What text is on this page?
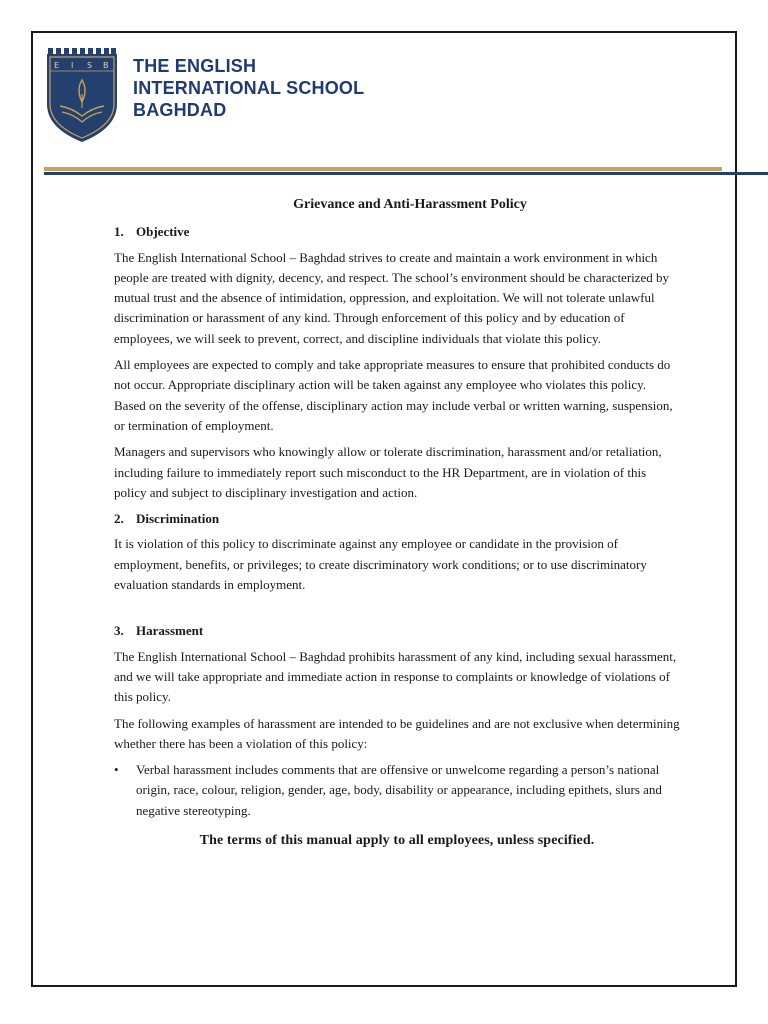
E I S B THE ENGLISH
INTERNATIONAL SCHOOL
BAGHDAD
Grievance and Anti-Harassment Policy
1. Objective

The English International School – Baghdad strives to create and maintain a work environment in which people are treated with dignity, decency, and respect. The school’s environment should be characterized by mutual trust and the absence of intimidation, oppression, and exploitation. We will not tolerate unlawful discrimination or harassment of any kind. Through enforcement of this policy and by education of employees, we will seek to prevent, correct, and discipline individuals that violate this policy.

All employees are expected to comply and take appropriate measures to ensure that prohibited conducts do not occur. Appropriate disciplinary action will be taken against any employee who violates this policy. Based on the severity of the offense, disciplinary action may include verbal or written warning, suspension, or termination of employment.

Managers and supervisors who knowingly allow or tolerate discrimination, harassment and/or retaliation, including failure to immediately report such misconduct to the HR Department, are in violation of this policy and subject to disciplinary investigation and action.

2. Discrimination

It is violation of this policy to discriminate against any employee or candidate in the provision of employment, benefits, or privileges; to create discriminatory work conditions; or to use discriminatory evaluation standards in employment.

3. Harassment

The English International School – Baghdad prohibits harassment of any kind, including sexual harassment, and we will take appropriate and immediate action in response to complaints or knowledge of violations of this policy.

The following examples of harassment are intended to be guidelines and are not exclusive when determining whether there has been a violation of this policy:

• Verbal harassment includes comments that are offensive or unwelcome regarding a person’s national origin, race, colour, religion, gender, age, body, disability or appearance, including epithets, slurs and negative stereotyping.
The terms of this manual apply to all employees, unless specified.
